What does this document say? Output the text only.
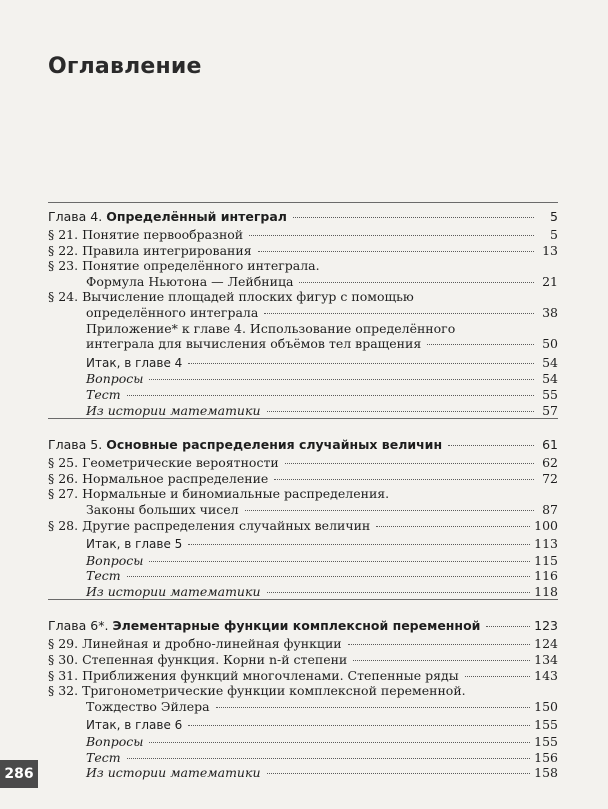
Оглавление
Глава 4. Определённый интеграл	5
§ 21. Понятие первообразной	5
§ 22. Правила интегрирования	13
§ 23. Понятие определённого интеграла.
Формула Ньютона — Лейбница	21
§ 24. Вычисление площадей плоских фигур с помощью
определённого интеграла	38
Приложение* к главе 4. Использование определённого
интеграла для вычисления объёмов тел вращения	50
Итак, в главе 4	54
Вопросы	54
Тест	55
Из истории математики	57
Глава 5. Основные распределения случайных величин	61
§ 25. Геометрические вероятности	62
§ 26. Нормальное распределение	72
§ 27. Нормальные и биномиальные распределения.
Законы больших чисел	87
§ 28. Другие распределения случайных величин	100
Итак, в главе 5	113
Вопросы	115
Тест	116
Из истории математики	118
Глава 6*. Элементарные функции комплексной переменной	123
§ 29. Линейная и дробно-линейная функции	124
§ 30. Степенная функция. Корни n-й степени	134
§ 31. Приближения функций многочленами. Степенные ряды	143
§ 32. Тригонометрические функции комплексной переменной.
Тождество Эйлера	150
Итак, в главе 6	155
Вопросы	155
Тест	156
Из истории математики	158
286
